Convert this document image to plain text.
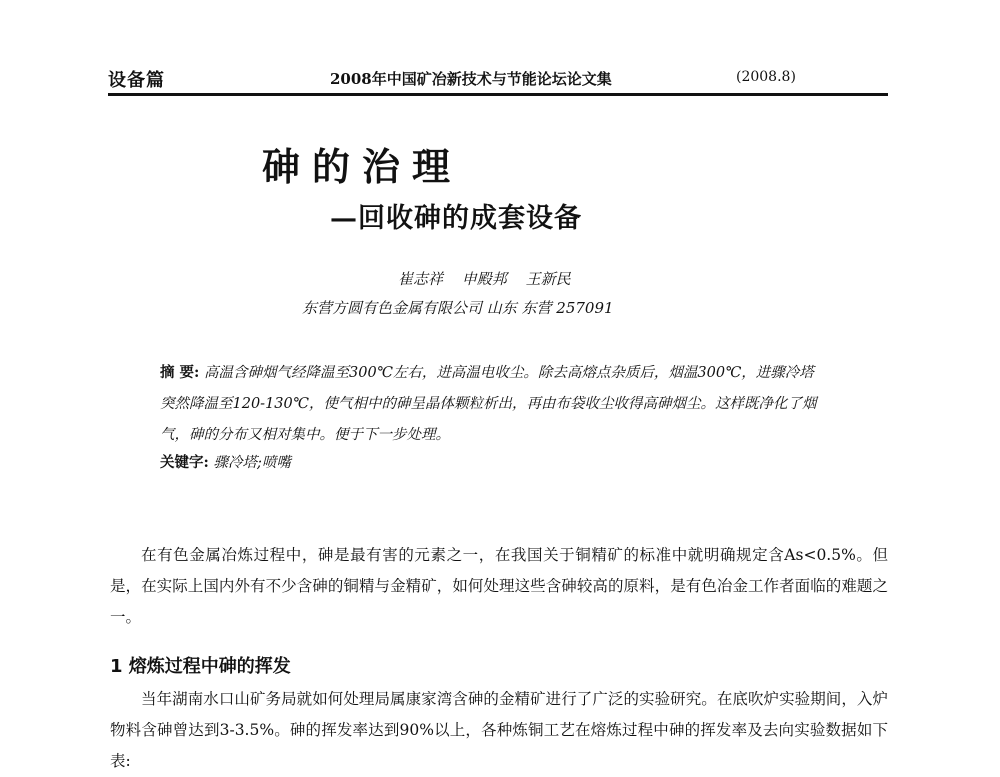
设备篇	2008年中国矿冶新技术与节能论坛论文集	(2008.8)
砷的治理
—回收砷的成套设备
崔志祥 申殿邦 王新民
东营方圆有色金属有限公司 山东 东营 257091
摘 要: 高温含砷烟气经降温至300℃左右，进高温电收尘。除去高熔点杂质后，烟温300℃，进骤冷塔突然降温至120-130℃，使气相中的砷呈晶体颗粒析出，再由布袋收尘收得高砷烟尘。这样既净化了烟气，砷的分布又相对集中。便于下一步处理。
关键字: 骤冷塔;喷嘴
在有色金属冶炼过程中，砷是最有害的元素之一，在我国关于铜精矿的标准中就明确规定含As<0.5%。但是，在实际上国内外有不少含砷的铜精与金精矿，如何处理这些含砷较高的原料，是有色冶金工作者面临的难题之一。
1 熔炼过程中砷的挥发
当年湖南水口山矿务局就如何处理局属康家湾含砷的金精矿进行了广泛的实验研究。在底吹炉实验期间，入炉物料含砷曾达到3-3.5%。砷的挥发率达到90%以上，各种炼铜工艺在熔炼过程中砷的挥发率及去向实验数据如下表:
